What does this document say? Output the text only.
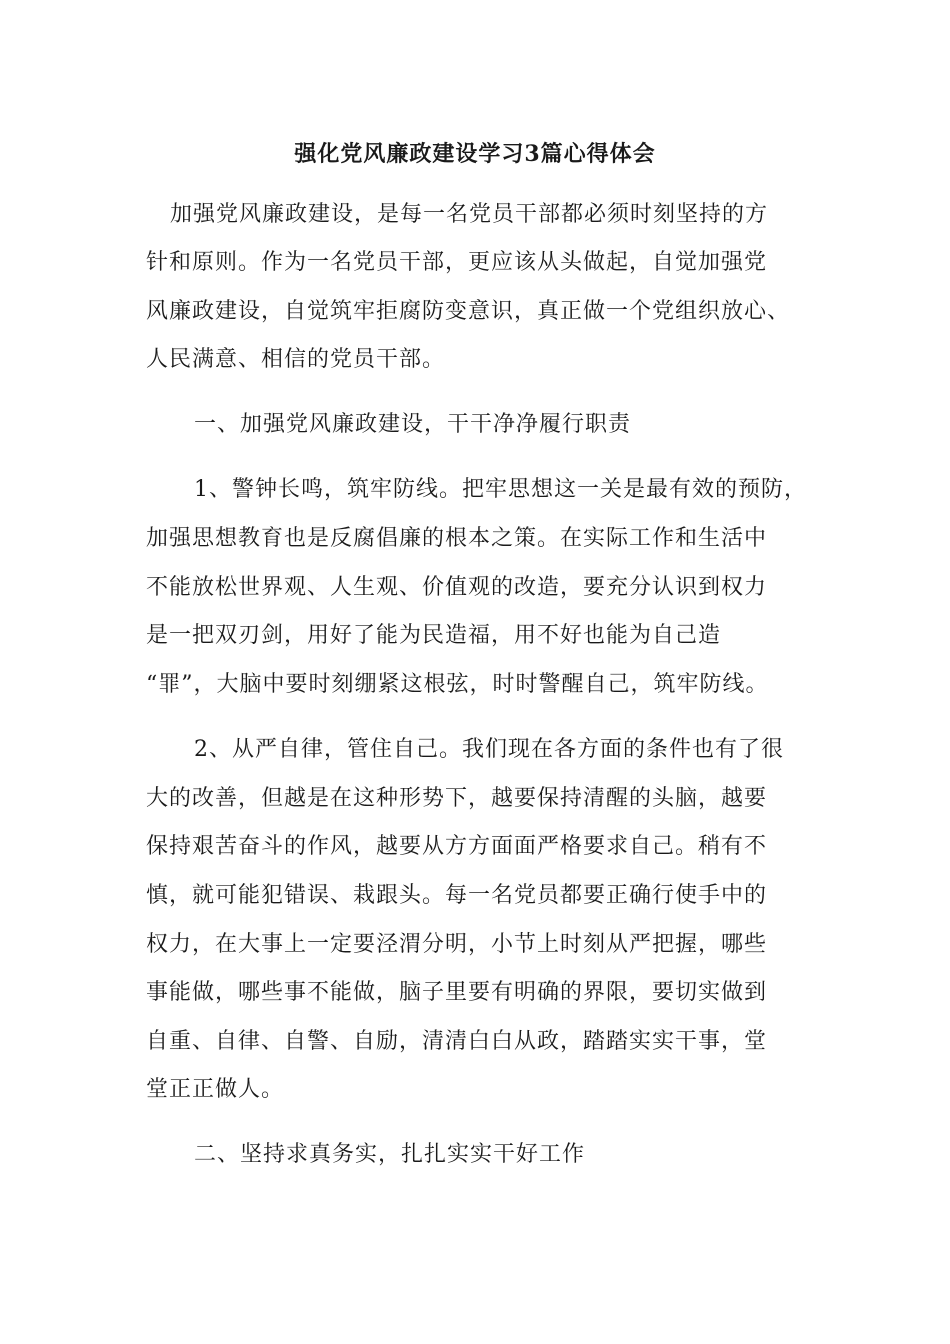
强化党风廉政建设学习3篇心得体会
加强党风廉政建设，是每一名党员干部都必须时刻坚持的方
针和原则。作为一名党员干部，更应该从头做起，自觉加强党
风廉政建设，自觉筑牢拒腐防变意识，真正做一个党组织放心、
人民满意、相信的党员干部。
一、加强党风廉政建设，干干净净履行职责
1、警钟长鸣，筑牢防线。把牢思想这一关是最有效的预防，
加强思想教育也是反腐倡廉的根本之策。在实际工作和生活中
不能放松世界观、人生观、价值观的改造，要充分认识到权力
是一把双刃剑，用好了能为民造福，用不好也能为自己造
“罪”，大脑中要时刻绷紧这根弦，时时警醒自己，筑牢防线。
2、从严自律，管住自己。我们现在各方面的条件也有了很
大的改善，但越是在这种形势下，越要保持清醒的头脑，越要
保持艰苦奋斗的作风，越要从方方面面严格要求自己。稍有不
慎，就可能犯错误、栽跟头。每一名党员都要正确行使手中的
权力，在大事上一定要泾渭分明，小节上时刻从严把握，哪些
事能做，哪些事不能做，脑子里要有明确的界限，要切实做到
自重、自律、自警、自励，清清白白从政，踏踏实实干事，堂
堂正正做人。
二、坚持求真务实，扎扎实实干好工作
